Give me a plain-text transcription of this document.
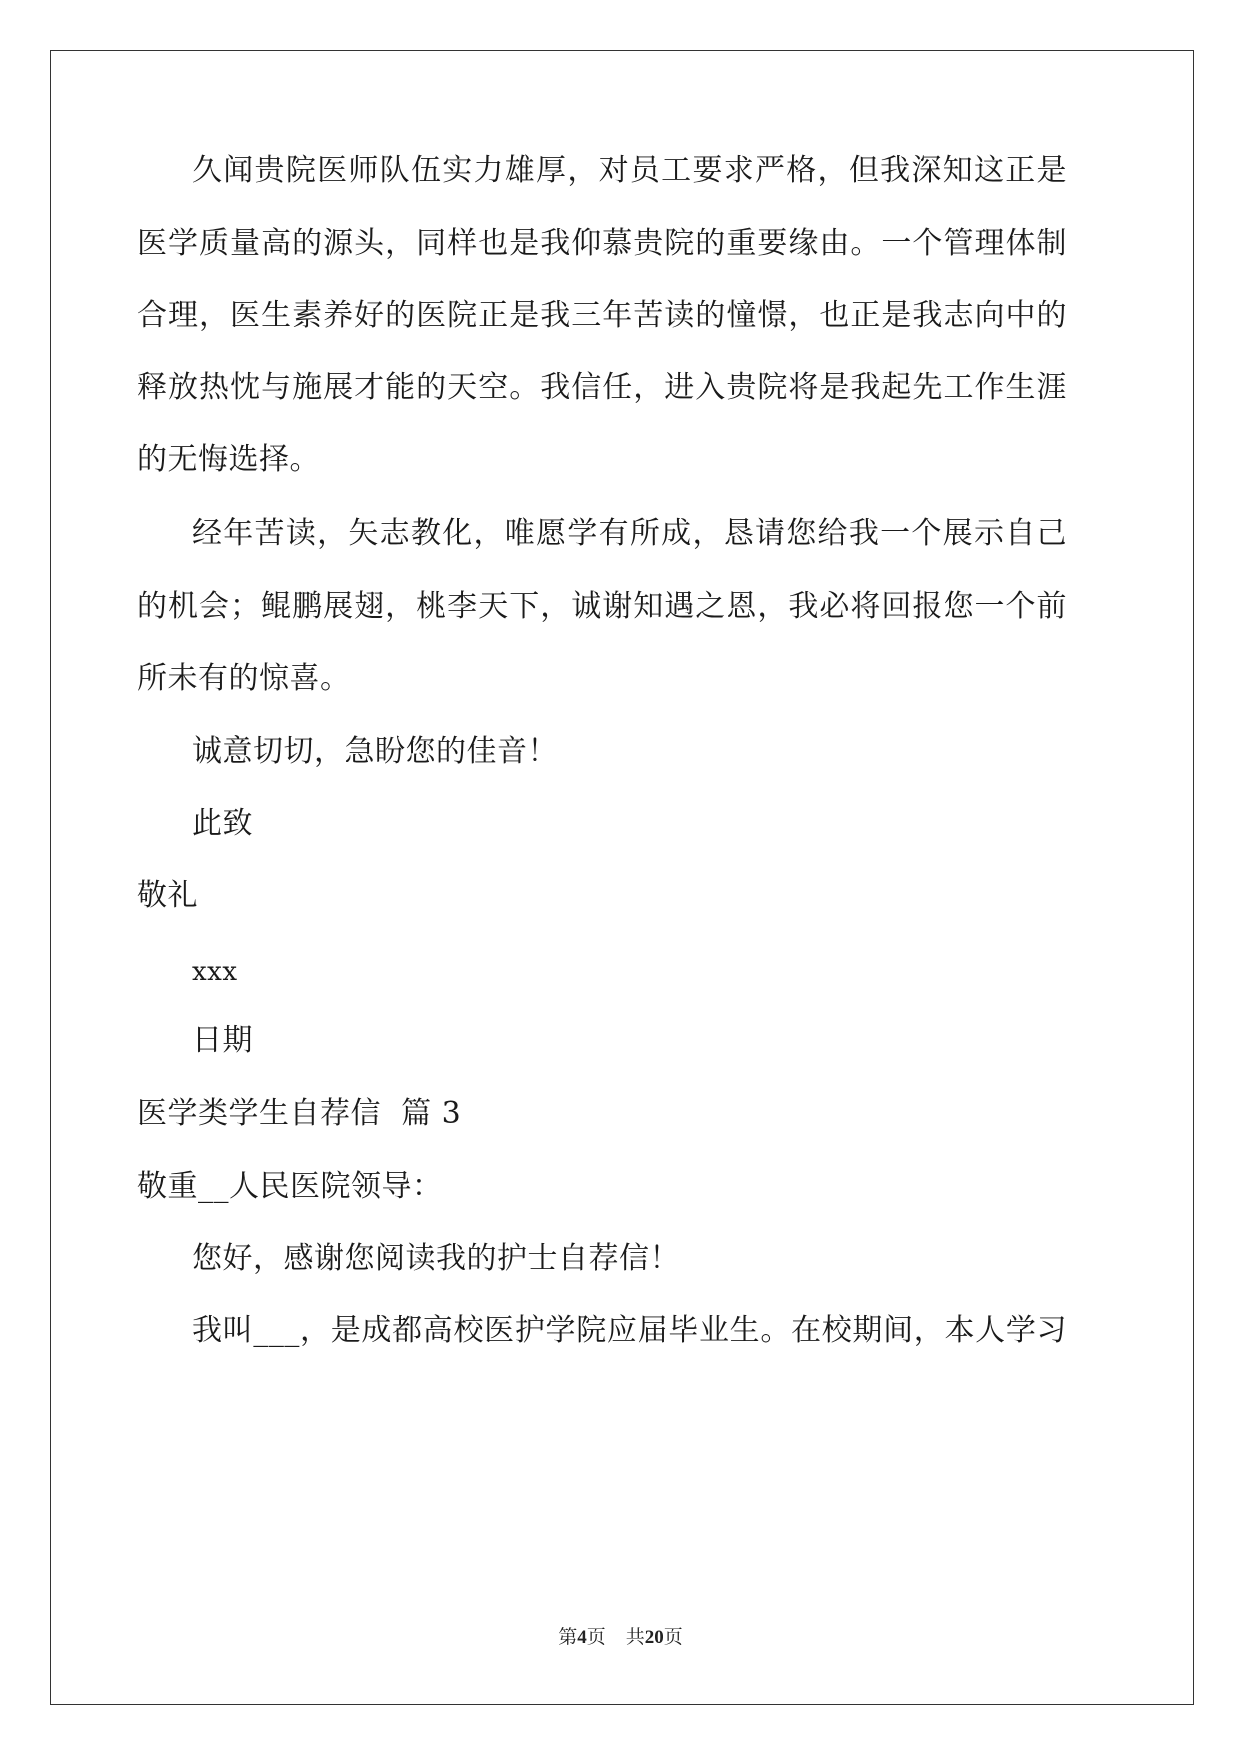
久闻贵院医师队伍实力雄厚，对员工要求严格，但我深知这正是
医学质量高的源头，同样也是我仰慕贵院的重要缘由。一个管理体制
合理，医生素养好的医院正是我三年苦读的憧憬，也正是我志向中的
释放热忱与施展才能的天空。我信任，进入贵院将是我起先工作生涯
的无悔选择。
经年苦读，矢志教化，唯愿学有所成，恳请您给我一个展示自己
的机会；鲲鹏展翅，桃李天下，诚谢知遇之恩，我必将回报您一个前
所未有的惊喜。
诚意切切，急盼您的佳音！
此致
敬礼
xxx
日期
医学类学生自荐信  篇 3
敬重__人民医院领导：
您好，感谢您阅读我的护士自荐信！
我叫___，是成都高校医护学院应届毕业生。在校期间，本人学习
第4页 共20页
